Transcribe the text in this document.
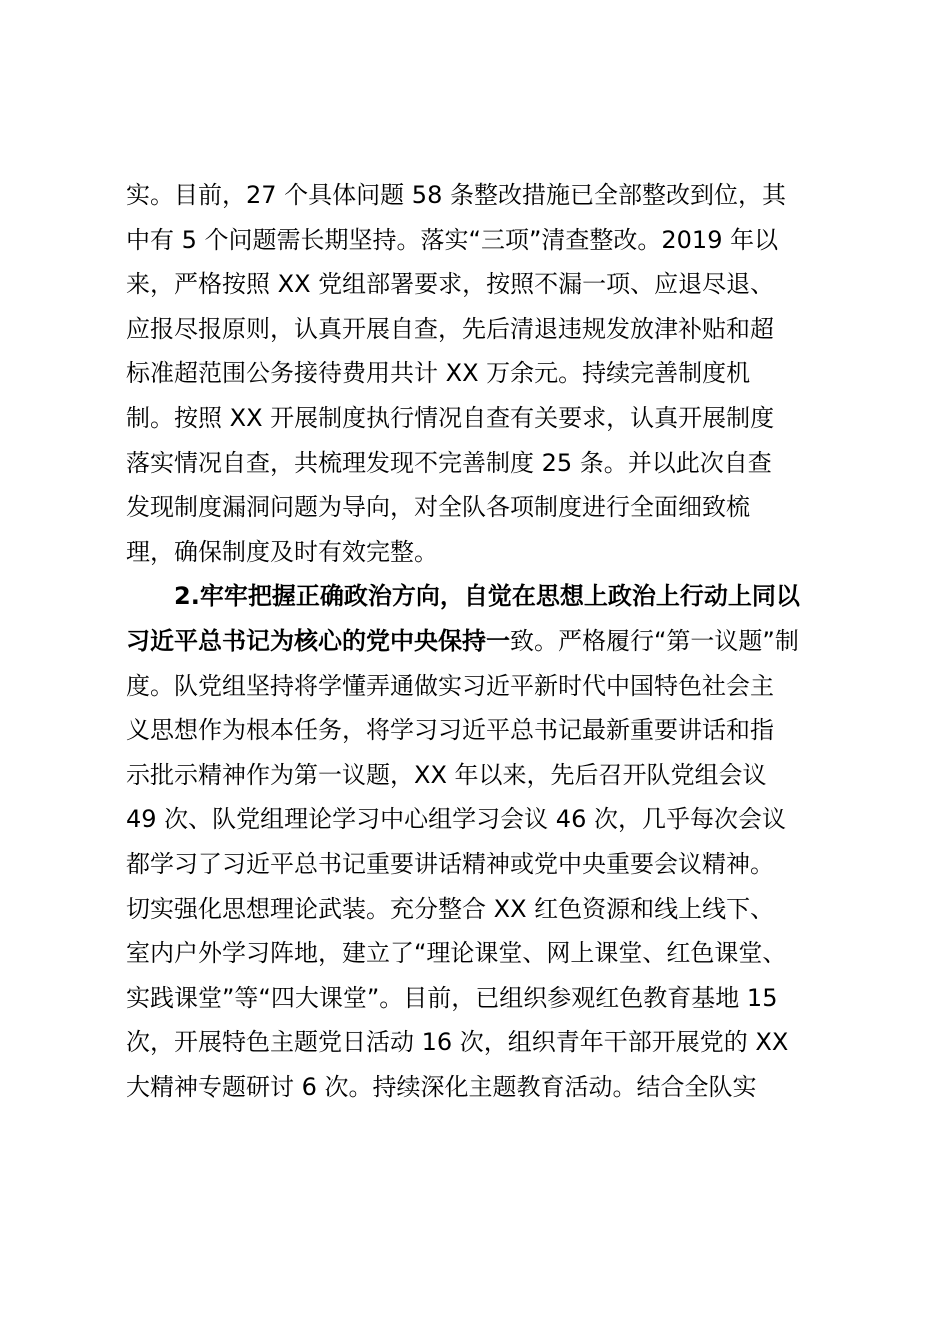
实。目前，27 个具体问题 58 条整改措施已全部整改到位，其
中有 5 个问题需长期坚持。落实“三项”清查整改。2019 年以
来，严格按照 XX 党组部署要求，按照不漏一项、应退尽退、
应报尽报原则，认真开展自查，先后清退违规发放津补贴和超
标准超范围公务接待费用共计 XX 万余元。持续完善制度机
制。按照 XX 开展制度执行情况自查有关要求，认真开展制度
落实情况自查，共梳理发现不完善制度 25 条。并以此次自查
发现制度漏洞问题为导向，对全队各项制度进行全面细致梳
理，确保制度及时有效完整。
2.牢牢把握正确政治方向，自觉在思想上政治上行动上同以
习近平总书记为核心的党中央保持一致。严格履行“第一议题”制
度。队党组坚持将学懂弄通做实习近平新时代中国特色社会主
义思想作为根本任务，将学习习近平总书记最新重要讲话和指
示批示精神作为第一议题，XX 年以来，先后召开队党组会议
49 次、队党组理论学习中心组学习会议 46 次，几乎每次会议
都学习了习近平总书记重要讲话精神或党中央重要会议精神。
切实强化思想理论武装。充分整合 XX 红色资源和线上线下、
室内户外学习阵地，建立了“理论课堂、网上课堂、红色课堂、
实践课堂”等“四大课堂”。目前，已组织参观红色教育基地 15
次，开展特色主题党日活动 16 次，组织青年干部开展党的 XX
大精神专题研讨 6 次。持续深化主题教育活动。结合全队实
